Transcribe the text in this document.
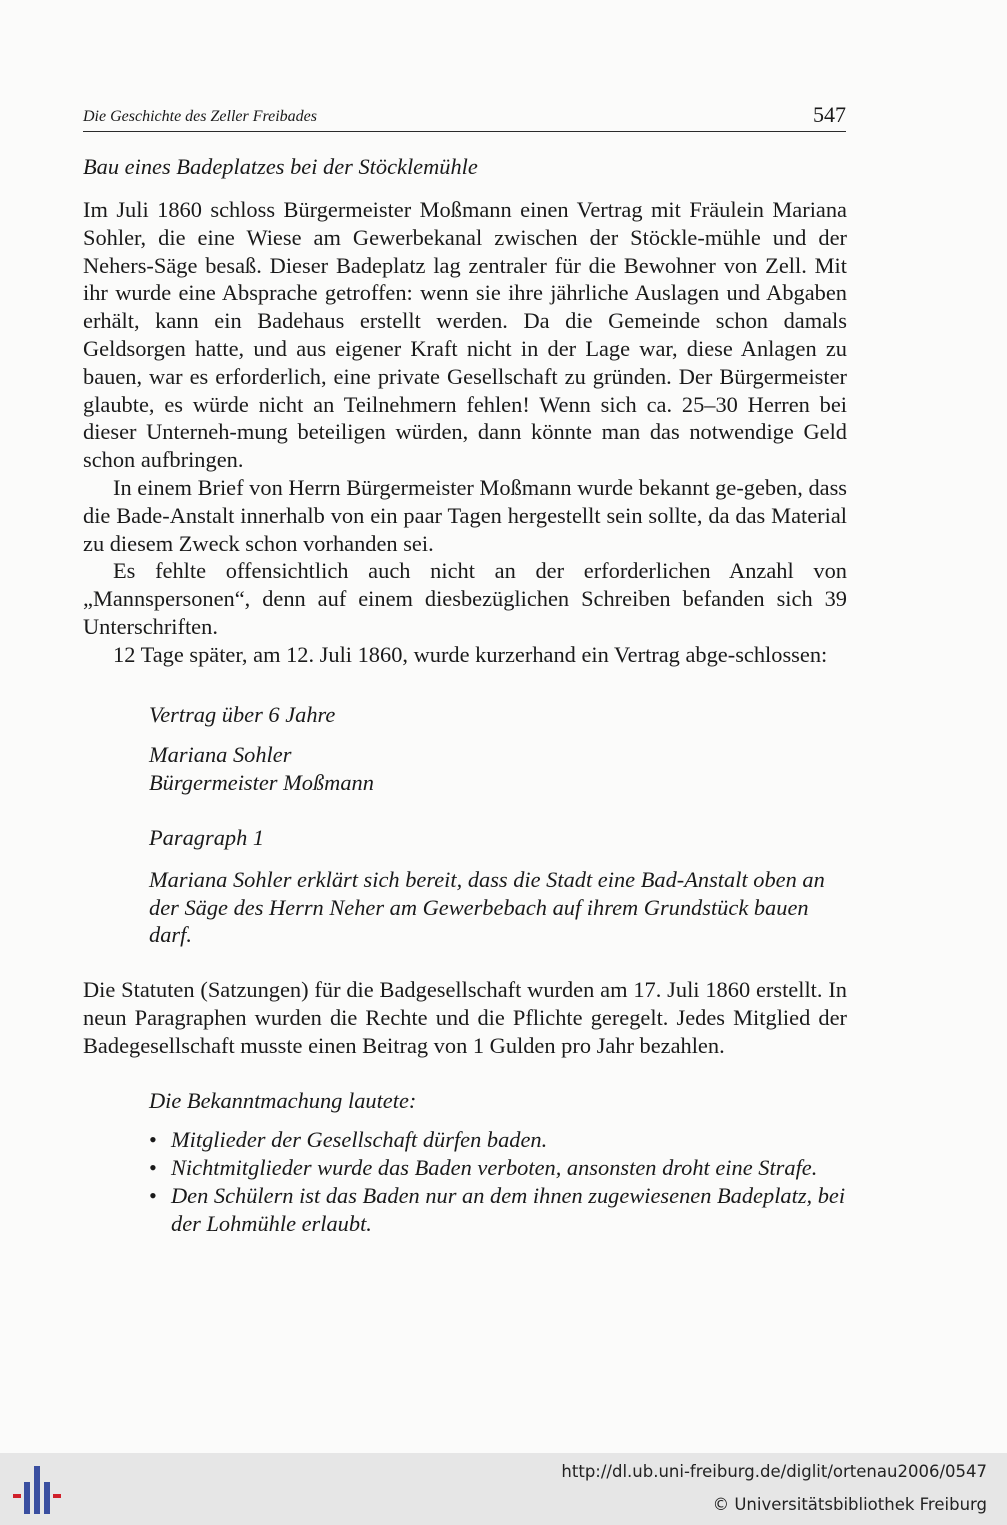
Die Geschichte des Zeller Freibades	547
Bau eines Badeplatzes bei der Stöcklemühle

Im Juli 1860 schloss Bürgermeister Moßmann einen Vertrag mit Fräulein Mariana Sohler, die eine Wiese am Gewerbekanal zwischen der Stöckle-mühle und der Nehers-Säge besaß. Dieser Badeplatz lag zentraler für die Bewohner von Zell. Mit ihr wurde eine Absprache getroffen: wenn sie ihre jährliche Auslagen und Abgaben erhält, kann ein Badehaus erstellt werden. Da die Gemeinde schon damals Geldsorgen hatte, und aus eigener Kraft nicht in der Lage war, diese Anlagen zu bauen, war es erforderlich, eine private Gesellschaft zu gründen. Der Bürgermeister glaubte, es würde nicht an Teilnehmern fehlen! Wenn sich ca. 25–30 Herren bei dieser Unterneh-mung beteiligen würden, dann könnte man das notwendige Geld schon aufbringen.

In einem Brief von Herrn Bürgermeister Moßmann wurde bekannt ge-geben, dass die Bade-Anstalt innerhalb von ein paar Tagen hergestellt sein sollte, da das Material zu diesem Zweck schon vorhanden sei.

Es fehlte offensichtlich auch nicht an der erforderlichen Anzahl von „Mannspersonen“, denn auf einem diesbezüglichen Schreiben befanden sich 39 Unterschriften.

12 Tage später, am 12. Juli 1860, wurde kurzerhand ein Vertrag abge-schlossen:

Vertrag über 6 Jahre

Mariana Sohler

Bürgermeister Moßmann

Paragraph 1

Mariana Sohler erklärt sich bereit, dass die Stadt eine Bad-Anstalt oben an der Säge des Herrn Neher am Gewerbebach auf ihrem Grundstück bauen darf.

Die Statuten (Satzungen) für die Badgesellschaft wurden am 17. Juli 1860 erstellt. In neun Paragraphen wurden die Rechte und die Pflichte geregelt. Jedes Mitglied der Badegesellschaft musste einen Beitrag von 1 Gulden pro Jahr bezahlen.

Die Bekanntmachung lautete:
• Mitglieder der Gesellschaft dürfen baden.
• Nichtmitglieder wurde das Baden verboten, ansonsten droht eine Strafe.
• Den Schülern ist das Baden nur an dem ihnen zugewiesenen Badeplatz, bei der Lohmühle erlaubt.
http://dl.ub.uni-freiburg.de/diglit/ortenau2006/0547
© Universitätsbibliothek Freiburg
